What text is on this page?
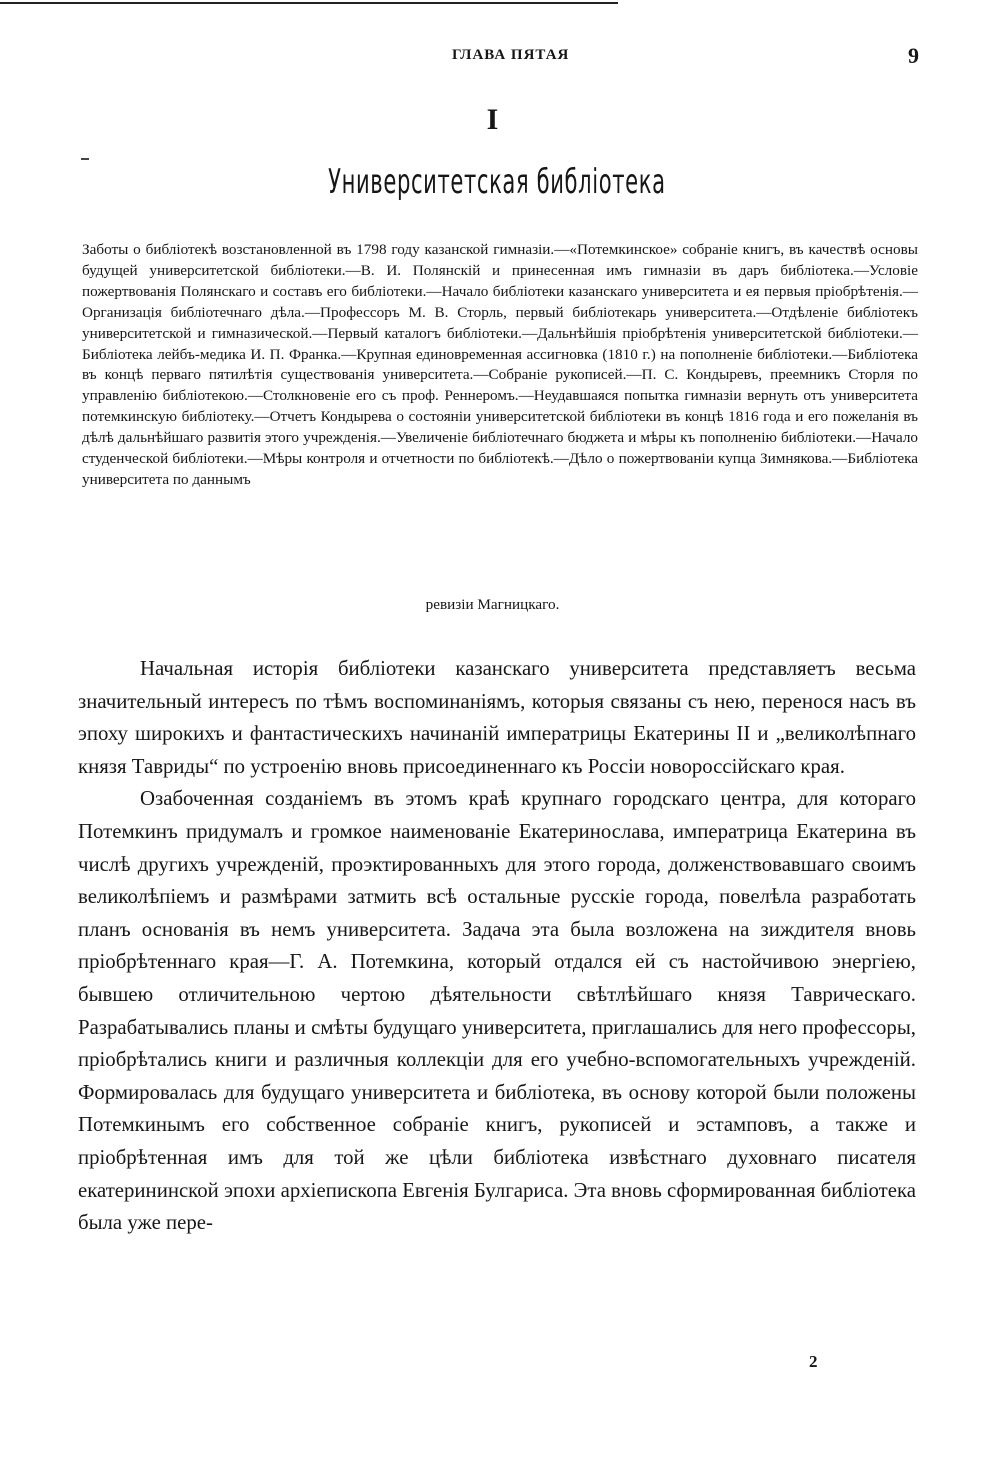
ГЛАВА ПЯТАЯ	9

I
Университетская библіотека

Заботы о библіотекѣ возстановленной въ 1798 году казанской гимназіи.—«Потемкинское» собраніе книгъ, въ качествѣ основы будущей университетской библіотеки.—В. И. Полянскій и принесенная имъ гимназіи въ даръ библіотека.—Условіе пожертвованія Полянскаго и составъ его библіотеки.—Начало библіотеки казанскаго университета и ея первыя пріобрѣтенія.—Организація библіотечнаго дѣла.—Профессоръ М. В. Сторль, первый библіотекарь университета.—Отдѣленіе библіотекъ университетской и гимназической.—Первый каталогъ библіотеки.—Дальнѣйшія пріобрѣтенія университетской библіотеки.—Библіотека лейбъ-медика И. П. Франка.—Крупная единовременная ассигновка (1810 г.) на пополненіе библіотеки.—Библіотека въ концѣ перваго пятилѣтія существованія университета.—Собраніе рукописей.—П. С. Кондыревъ, преемникъ Сторля по управленію библіотекою.—Столкновеніе его съ проф. Реннеромъ.—Неудавшаяся попытка гимназіи вернуть отъ университета потемкинскую библіотеку.—Отчетъ Кондырева о состояніи университетской библіотеки въ концѣ 1816 года и его пожеланія въ дѣлѣ дальнѣйшаго развитія этого учрежденія.—Увеличеніе библіотечнаго бюджета и мѣры къ пополненію библіотеки.—Начало студенческой библіотеки.—Мѣры контроля и отчетности по библіотекѣ.—Дѣло о пожертвованіи купца Зимнякова.—Библіотека университета по даннымъ

ревизіи Магницкаго.

Начальная исторія библіотеки казанскаго университета представляетъ весьма значительный интересъ по тѣмъ воспоминаніямъ, которыя связаны съ нею, перенося насъ въ эпоху широкихъ и фантастическихъ начинаній императрицы Екатерины II и „великолѣпнаго князя Тавриды“ по устроенію вновь присоединеннаго къ Россіи новороссійскаго края.

Озабоченная созданіемъ въ этомъ краѣ крупнаго городскаго центра, для котораго Потемкинъ придумалъ и громкое наименованіе Екатеринослава, императрица Екатерина въ числѣ другихъ учрежденій, проэктированныхъ для этого города, долженствовавшаго своимъ великолѣпіемъ и размѣрами затмить всѣ остальные русскіе города, повелѣла разработать планъ основанія въ немъ университета. Задача эта была возложена на зиждителя вновь пріобрѣтеннаго края—Г. А. Потемкина, который отдался ей съ настойчивою энергіею, бывшею отличительною чертою дѣятельности свѣтлѣйшаго князя Таврическаго. Разрабатывались планы и смѣты будущаго университета, приглашались для него профессоры, пріобрѣтались книги и различныя коллекціи для его учебно-вспомогательныхъ учрежденій. Формировалась для будущаго университета и библіотека, въ основу которой были положены Потемкинымъ его собственное собраніе книгъ, рукописей и эстамповъ, а также и пріобрѣтенная имъ для той же цѣли библіотека извѣстнаго духовнаго писателя екатерининской эпохи архіепископа Евгенія Булгариса. Эта вновь сформированная библіотека была уже пере-

2
